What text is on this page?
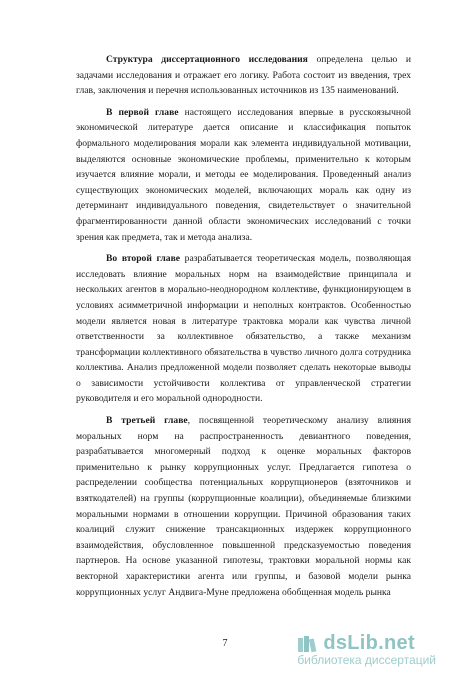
Структура диссертационного исследования определена целью и задачами исследования и отражает его логику. Работа состоит из введения, трех глав, заключения и перечня использованных источников из 135 наименований.

В первой главе настоящего исследования впервые в русскоязычной экономической литературе дается описание и классификация попыток формального моделирования морали как элемента индивидуальной мотивации, выделяются основные экономические проблемы, применительно к которым изучается влияние морали, и методы ее моделирования. Проведенный анализ существующих экономических моделей, включающих мораль как одну из детерминант индивидуального поведения, свидетельствует о значительной фрагментированности данной области экономических исследований с точки зрения как предмета, так и метода анализа.

Во второй главе разрабатывается теоретическая модель, позволяющая исследовать влияние моральных норм на взаимодействие принципала и нескольких агентов в морально-неоднородном коллективе, функционирующем в условиях асимметричной информации и неполных контрактов. Особенностью модели является новая в литературе трактовка морали как чувства личной ответственности за коллективное обязательство, а также механизм трансформации коллективного обязательства в чувство личного долга сотрудника коллектива. Анализ предложенной модели позволяет сделать некоторые выводы о зависимости устойчивости коллектива от управленческой стратегии руководителя и его моральной однородности.

В третьей главе, посвященной теоретическому анализу влияния моральных норм на распространенность девиантного поведения, разрабатывается многомерный подход к оценке моральных факторов применительно к рынку коррупционных услуг. Предлагается гипотеза о распределении сообщества потенциальных коррупционеров (взяточников и взяткодателей) на группы (коррупционные коалиции), объединяемые близкими моральными нормами в отношении коррупции. Причиной образования таких коалиций служит снижение трансакционных издержек коррупционного взаимодействия, обусловленное повышенной предсказуемостью поведения партнеров. На основе указанной гипотезы, трактовки моральной нормы как векторной характеристики агента или группы, и базовой модели рынка коррупционных услуг Андвига-Муне предложена обобщенная модель рынка

7	dsLib.net
библиотека диссертаций
